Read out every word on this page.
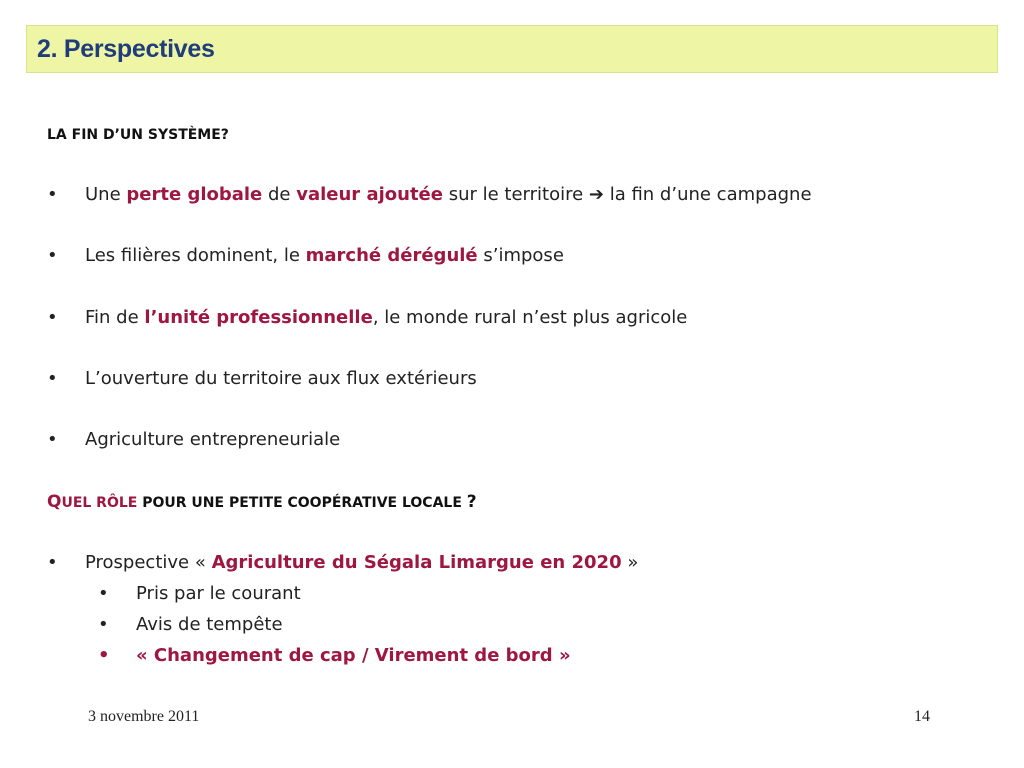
2. Perspectives
LA FIN D’UN SYSTÈME?
• Une perte globale de valeur ajoutée sur le territoire ➔ la fin d’une campagne
• Les filières dominent, le marché dérégulé s’impose
• Fin de l’unité professionnelle, le monde rural n’est plus agricole
• L’ouverture du territoire aux flux extérieurs
• Agriculture entrepreneuriale
QUEL RÔLE POUR UNE PETITE COOPÉRATIVE LOCALE ?
• Prospective « Agriculture du Ségala Limargue en 2020 »
• Pris par le courant
• Avis de tempête
• « Changement de cap / Virement de bord »
3 novembre 2011	14
